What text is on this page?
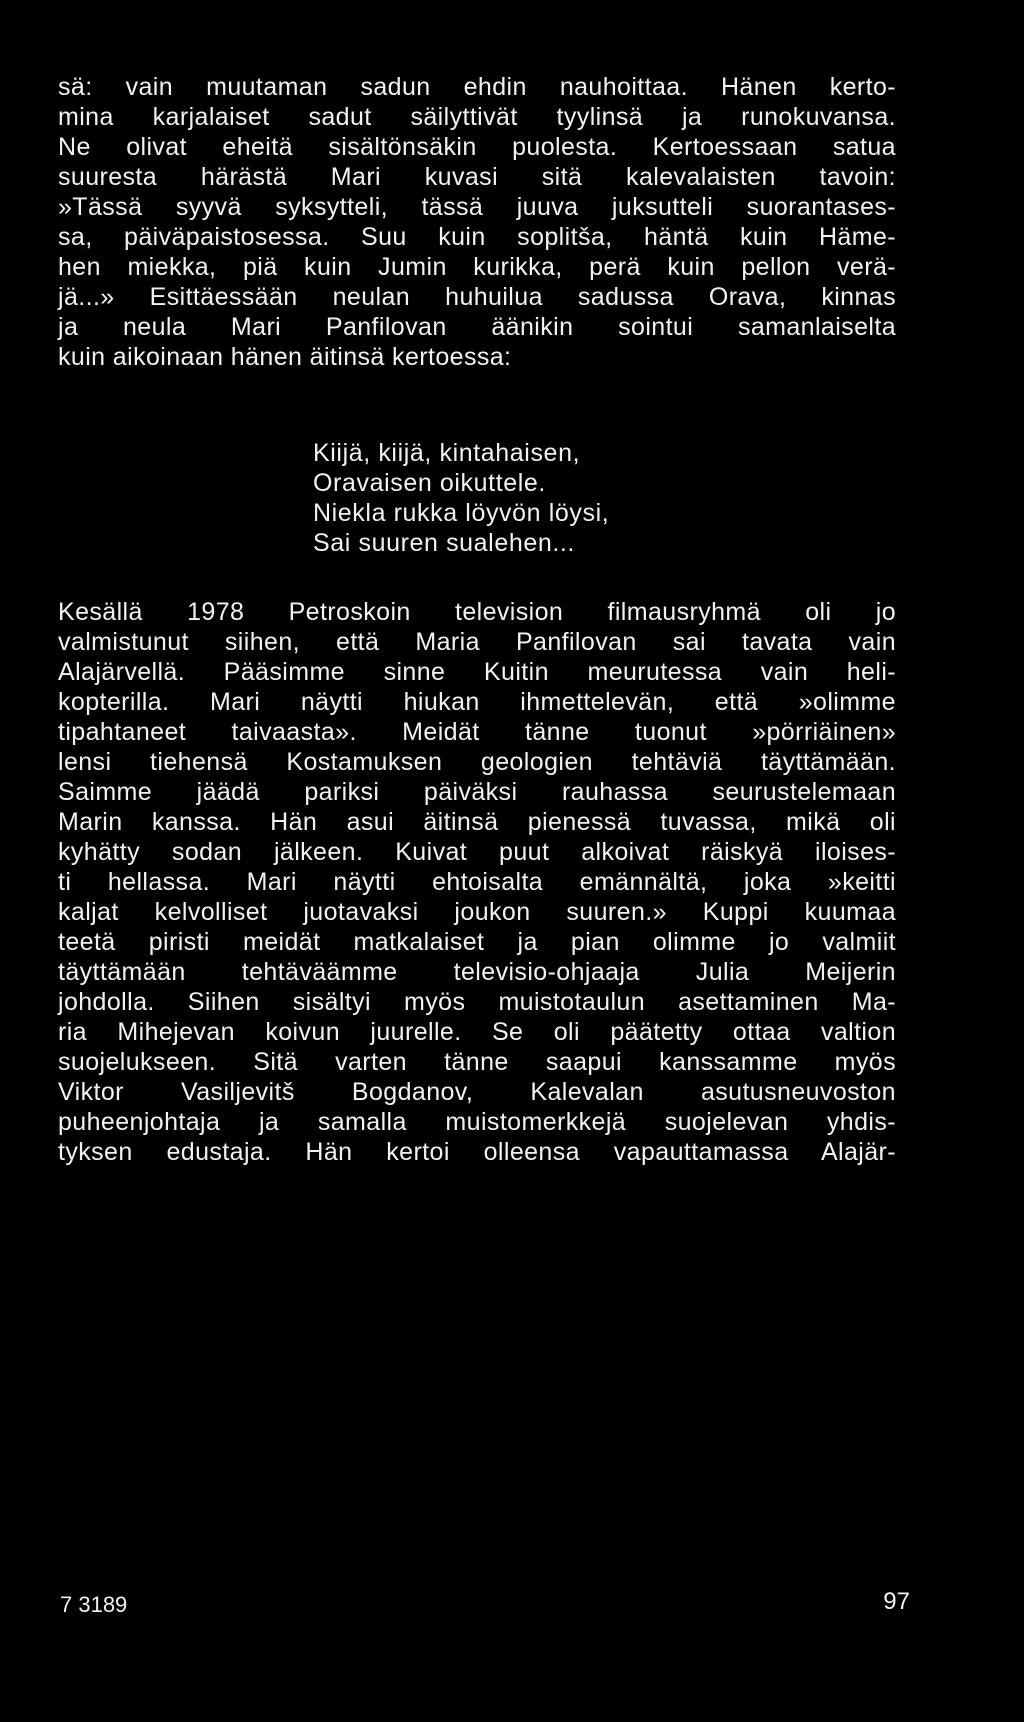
sä: vain muutaman sadun ehdin nauhoittaa. Hänen kerto-
mina karjalaiset sadut säilyttivät tyylinsä ja runokuvansa.
Ne olivat eheitä sisältönsäkin puolesta. Kertoessaan satua
suuresta härästä Mari kuvasi sitä kalevalaisten tavoin:
»Tässä syyvä syksytteli, tässä juuva juksutteli suorantases-
sa, päiväpaistosessa. Suu kuin soplitša, häntä kuin Häme-
hen miekka, piä kuin Jumin kurikka, perä kuin pellon verä-
jä...» Esittäessään neulan huhuilua sadussa Orava, kinnas
ja neula Mari Panfilovan äänikin sointui samanlaiselta
kuin aikoinaan hänen äitinsä kertoessa:
Kiijä, kiijä, kintahaisen,
Oravaisen oikuttele.
Niekla rukka löyvön löysi,
Sai suuren sualehen...
Kesällä 1978 Petroskoin television filmausryhmä oli jo
valmistunut siihen, että Maria Panfilovan sai tavata vain
Alajärvellä. Pääsimme sinne Kuitin meurutessa vain heli-
kopterilla. Mari näytti hiukan ihmettelevän, että »olimme
tipahtaneet taivaasta». Meidät tänne tuonut »pörriäinen»
lensi tiehensä Kostamuksen geologien tehtäviä täyttämään.
Saimme jäädä pariksi päiväksi rauhassa seurustelemaan
Marin kanssa. Hän asui äitinsä pienessä tuvassa, mikä oli
kyhätty sodan jälkeen. Kuivat puut alkoivat räiskyä iloises-
ti hellassa. Mari näytti ehtoisalta emännältä, joka »keitti
kaljat kelvolliset juotavaksi joukon suuren.» Kuppi kuumaa
teetä piristi meidät matkalaiset ja pian olimme jo valmiit
täyttämään tehtäväämme televisio-ohjaaja Julia Meijerin
johdolla. Siihen sisältyi myös muistotaulun asettaminen Ma-
ria Mihejevan koivun juurelle. Se oli päätetty ottaa valtion
suojelukseen. Sitä varten tänne saapui kanssamme myös
Viktor Vasiljevitš Bogdanov, Kalevalan asutusneuvoston
puheenjohtaja ja samalla muistomerkkejä suojelevan yhdis-
tyksen edustaja. Hän kertoi olleensa vapauttamassa Alajär-
7 3189	97
